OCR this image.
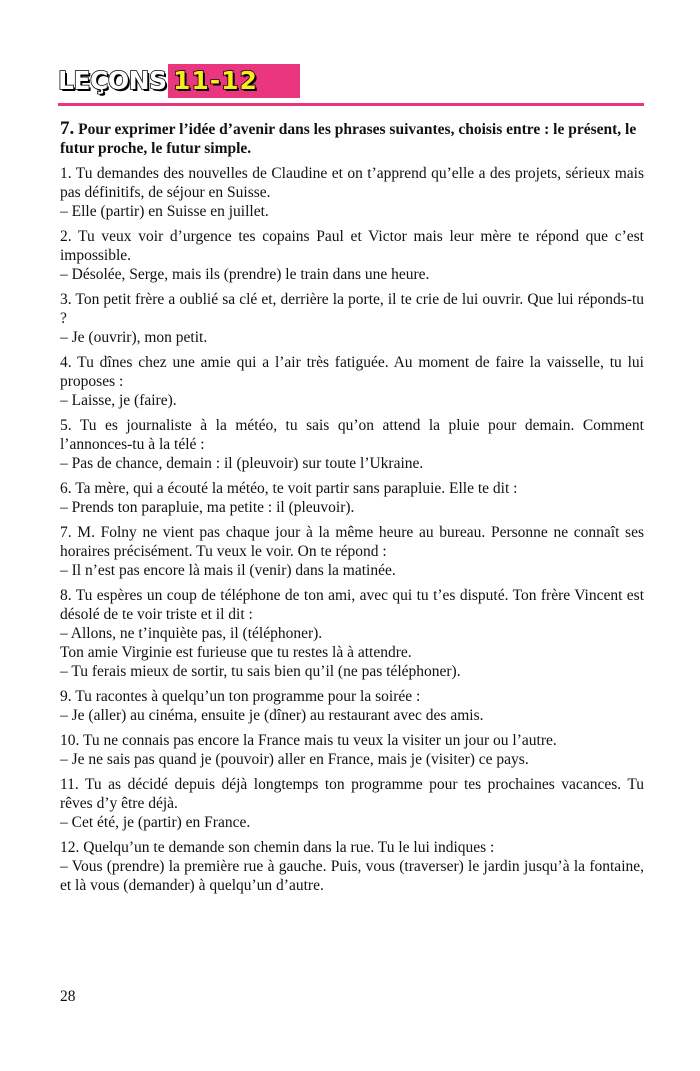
LEÇONS 11-12

7. Pour exprimer l’idée d’avenir dans les phrases suivantes, choisis entre : le présent, le futur proche, le futur simple.

1. Tu demandes des nouvelles de Claudine et on t’apprend qu’elle a des projets, sérieux mais pas définitifs, de séjour en Suisse.

– Elle (partir) en Suisse en juillet.

2. Tu veux voir d’urgence tes copains Paul et Victor mais leur mère te répond que c’est impossible.

– Désolée, Serge, mais ils (prendre) le train dans une heure.

3. Ton petit frère a oublié sa clé et, derrière la porte, il te crie de lui ouvrir. Que lui réponds-tu ?

– Je (ouvrir), mon petit.

4. Tu dînes chez une amie qui a l’air très fatiguée. Au moment de faire la vaisselle, tu lui proposes :

– Laisse, je (faire).

5. Tu es journaliste à la météo, tu sais qu’on attend la pluie pour demain. Comment l’annonces-tu à la télé :

– Pas de chance, demain : il (pleuvoir) sur toute l’Ukraine.

6. Ta mère, qui a écouté la météo, te voit partir sans parapluie. Elle te dit :

– Prends ton parapluie, ma petite : il (pleuvoir).

7. M. Folny ne vient pas chaque jour à la même heure au bureau. Personne ne connaît ses horaires précisément. Tu veux le voir. On te répond :

– Il n’est pas encore là mais il (venir) dans la matinée.

8. Tu espères un coup de téléphone de ton ami, avec qui tu t’es disputé. Ton frère Vincent est désolé de te voir triste et il dit :

– Allons, ne t’inquiète pas, il (téléphoner).

Ton amie Virginie est furieuse que tu restes là à attendre.

– Tu ferais mieux de sortir, tu sais bien qu’il (ne pas téléphoner).

9. Tu racontes à quelqu’un ton programme pour la soirée :

– Je (aller) au cinéma, ensuite je (dîner) au restaurant avec des amis.

10. Tu ne connais pas encore la France mais tu veux la visiter un jour ou l’autre.

– Je ne sais pas quand je (pouvoir) aller en France, mais je (visiter) ce pays.

11. Tu as décidé depuis déjà longtemps ton programme pour tes prochaines vacances. Tu rêves d’y être déjà.

– Cet été, je (partir) en France.

12. Quelqu’un te demande son chemin dans la rue. Tu le lui indiques :

– Vous (prendre) la première rue à gauche. Puis, vous (traverser) le jardin jusqu’à la fontaine, et là vous (demander) à quelqu’un d’autre.

28
